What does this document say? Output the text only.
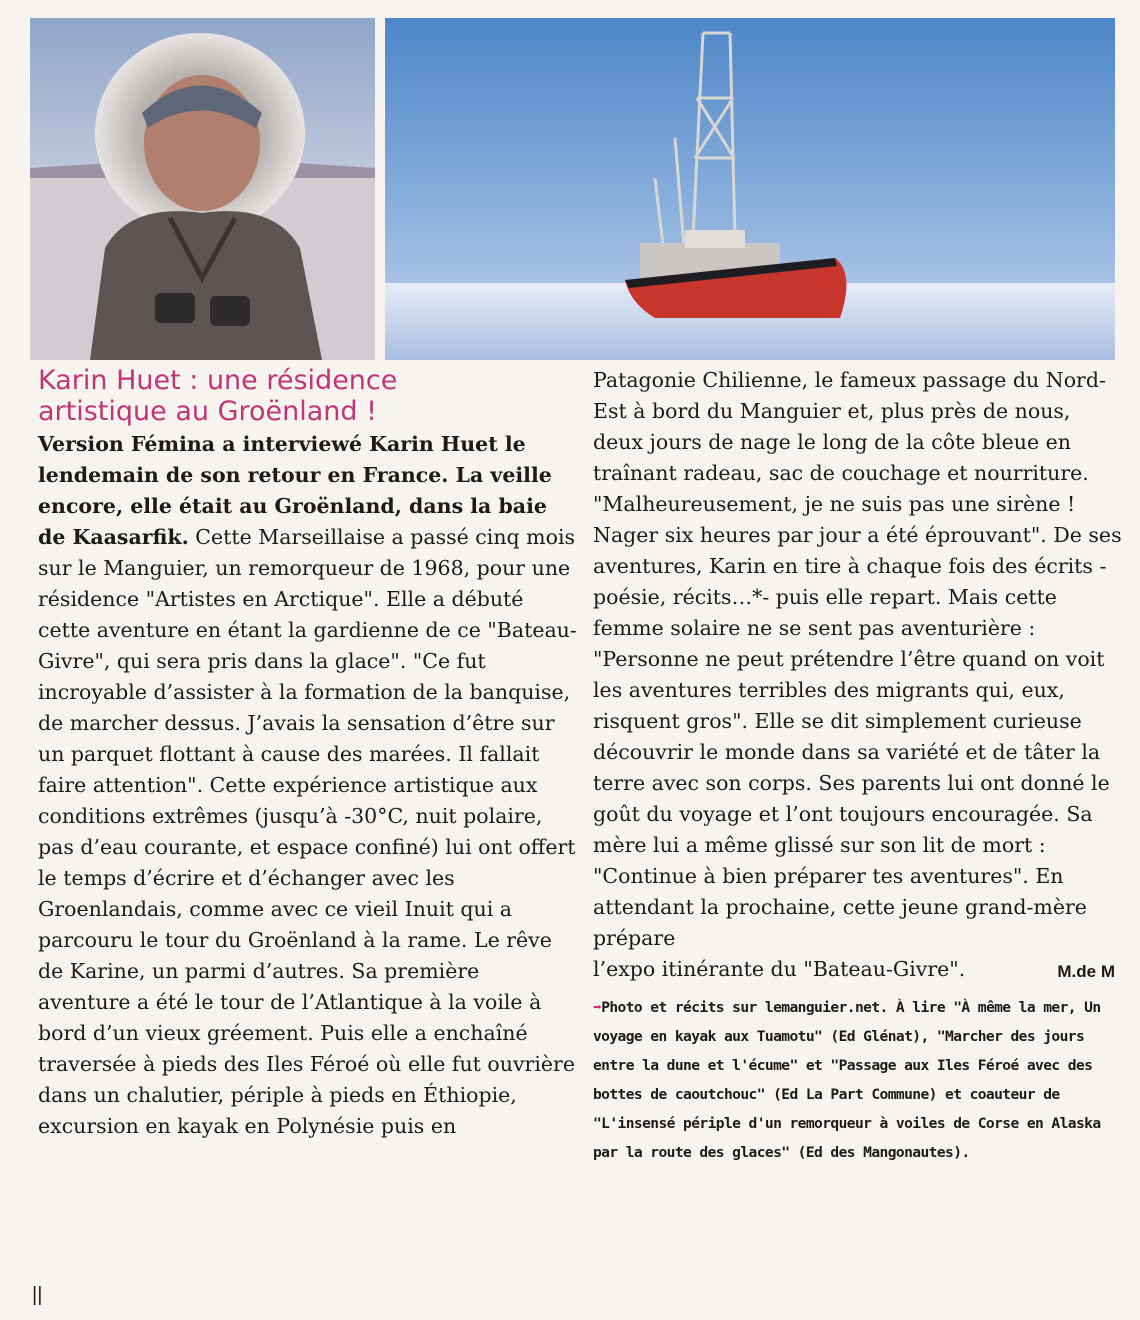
Karin Huet : une résidence
artistique au Groënland !

Version Fémina a interviewé Karin Huet le lendemain de son retour en France. La veille encore, elle était au Groënland, dans la baie de Kaasarfik. Cette Marseillaise a passé cinq mois sur le Manguier, un remorqueur de 1968, pour une résidence "Artistes en Arctique". Elle a débuté cette aventure en étant la gardienne de ce "Bateau-Givre", qui sera pris dans la glace". "Ce fut incroyable d’assister à la formation de la banquise, de marcher dessus. J’avais la sensation d’être sur un parquet flottant à cause des marées. Il fallait faire attention". Cette expérience artistique aux conditions extrêmes (jusqu’à -30°C, nuit polaire, pas d’eau courante, et espace confiné) lui ont offert le temps d’écrire et d’échanger avec les Groenlandais, comme avec ce vieil Inuit qui a parcouru le tour du Groënland à la rame. Le rêve de Karine, un parmi d’autres. Sa première aventure a été le tour de l’Atlantique à la voile à bord d’un vieux gréement. Puis elle a enchaîné traversée à pieds des Iles Féroé où elle fut ouvrière dans un chalutier, périple à pieds en Éthiopie, excursion en kayak en Polynésie puis en

Patagonie Chilienne, le fameux passage du Nord-Est à bord du Manguier et, plus près de nous, deux jours de nage le long de la côte bleue en traînant radeau, sac de couchage et nourriture. "Malheureusement, je ne suis pas une sirène ! Nager six heures par jour a été éprouvant". De ses aventures, Karin en tire à chaque fois des écrits - poésie, récits…*- puis elle repart. Mais cette femme solaire ne se sent pas aventurière : "Personne ne peut prétendre l’être quand on voit les aventures terribles des migrants qui, eux, risquent gros". Elle se dit simplement curieuse découvrir le monde dans sa variété et de tâter la terre avec son corps. Ses parents lui ont donné le goût du voyage et l’ont toujours encouragée. Sa mère lui a même glissé sur son lit de mort : "Continue à bien préparer tes aventures". En attendant la prochaine, cette jeune grand-mère prépare

l’expo itinérante du "Bateau-Givre".	M.de M

➡Photo et récits sur lemanguier.net. À lire "À même la mer, Un voyage en kayak aux Tuamotu" (Ed Glénat), "Marcher des jours entre la dune et l'écume" et "Passage aux Iles Féroé avec des bottes de caoutchouc" (Ed La Part Commune) et coauteur de "L'insensé périple d'un remorqueur à voiles de Corse en Alaska par la route des glaces" (Ed des Mangonautes).
||
